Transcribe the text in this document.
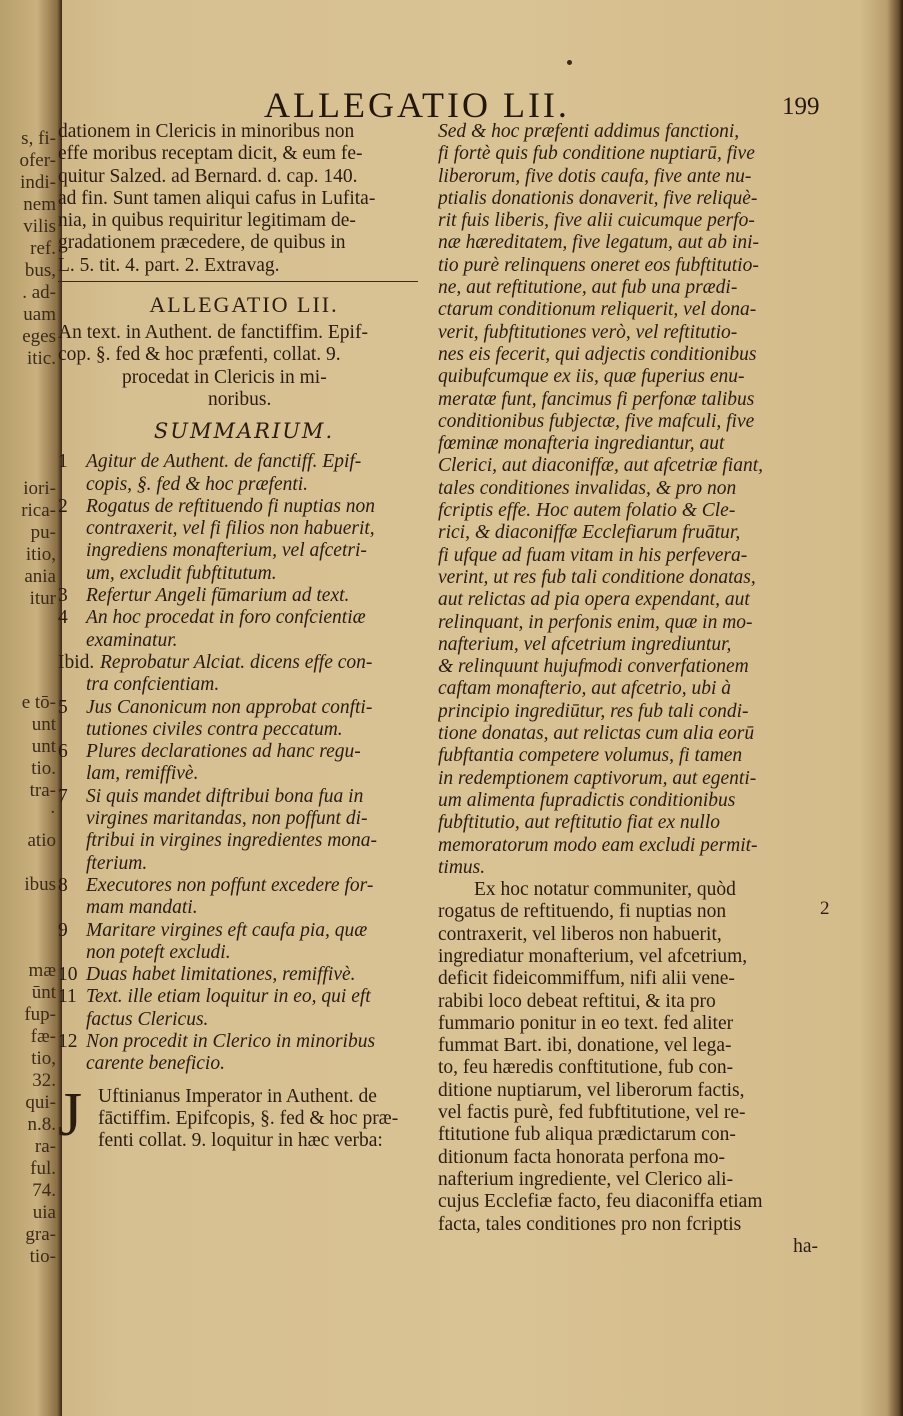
s, fi-
ofer-
indi-
nem
vilis
ref.
bus,
. ad-
uam
eges
itic.
iori-
rica-
pu-
itio,
ania
itur
e tō-
unt
unt
tio.
tra-
·
atio
ibus
mæ
ūnt
fup-
fæ-
tio,
32.
qui-
n.8.
ra-
ful.
74.
uia
gra-
tio-
ALLEGATIO LII.	199
dationem in Clericis in minoribus non
effe moribus receptam dicit, & eum fe-
quitur Salzed. ad Bernard. d. cap. 140.
ad fin. Sunt tamen aliqui cafus in Lufita-
nia, in quibus requiritur legitimam de-
gradationem præcedere, de quibus in
L. 5. tit. 4. part. 2. Extravag.
ALLEGATIO LII.
An text. in Authent. de fanctiffim. Epif-
cop. §. fed & hoc præfenti, collat. 9.
procedat in Clericis in mi-
noribus.
SUMMARIUM.
1 Agitur de Authent. de fanctiff. Epif-
copis, §. fed & hoc præfenti.
2 Rogatus de reftituendo fi nuptias non
contraxerit, vel fi filios non habuerit,
ingrediens monafterium, vel afcetri-
um, excludit fubftitutum.
3 Refertur Angeli fūmarium ad text.
4 An hoc procedat in foro confcientiæ
examinatur.
Ibid. Reprobatur Alciat. dicens effe con-
tra confcientiam.
5 Jus Canonicum non approbat confti-
tutiones civiles contra peccatum.
6 Plures declarationes ad hanc regu-
lam, remiffivè.
7 Si quis mandet diftribui bona fua in
virgines maritandas, non poffunt di-
ftribui in virgines ingredientes mona-
fterium.
8 Executores non poffunt excedere for-
mam mandati.
9 Maritare virgines eft caufa pia, quæ
non poteft excludi.
10 Duas habet limitationes, remiffivè.
11 Text. ille etiam loquitur in eo, qui eft
factus Clericus.
12 Non procedit in Clerico in minoribus
carente beneficio.
J Uftinianus Imperator in Authent. de
fāctiffim. Epifcopis, §. fed & hoc præ-
fenti collat. 9. loquitur in hæc verba:
Sed & hoc præfenti addimus fanctioni,
fi fortè quis fub conditione nuptiarū, five
liberorum, five dotis caufa, five ante nu-
ptialis donationis donaverit, five reliquè-
rit fuis liberis, five alii cuicumque perfo-
næ hæreditatem, five legatum, aut ab ini-
tio purè relinquens oneret eos fubftitutio-
ne, aut reftitutione, aut fub una prædi-
ctarum conditionum reliquerit, vel dona-
verit, fubftitutiones verò, vel reftitutio-
nes eis fecerit, qui adjectis conditionibus
quibufcumque ex iis, quæ fuperius enu-
meratæ funt, fancimus fi perfonæ talibus
conditionibus fubjectæ, five mafculi, five
fœminæ monafteria ingrediantur, aut
Clerici, aut diaconiffæ, aut afcetriæ fiant,
tales conditiones invalidas, & pro non
fcriptis effe. Hoc autem folatio & Cle-
rici, & diaconiffæ Ecclefiarum fruātur,
fi ufque ad fuam vitam in his perfevera-
verint, ut res fub tali conditione donatas,
aut relictas ad pia opera expendant, aut
relinquant, in perfonis enim, quæ in mo-
nafterium, vel afcetrium ingrediuntur,
& relinquunt hujufmodi converfationem
caftam monafterio, aut afcetrio, ubi à
principio ingrediūtur, res fub tali condi-
tione donatas, aut relictas cum alia eorū
fubftantia competere volumus, fi tamen
in redemptionem captivorum, aut egenti-
um alimenta fupradictis conditionibus
fubftitutio, aut reftitutio fiat ex nullo
memoratorum modo eam excludi permit-
timus.
Ex hoc notatur communiter, quòd
rogatus de reftituendo, fi nuptias non
contraxerit, vel liberos non habuerit,
ingrediatur monafterium, vel afcetrium,
deficit fideicommiffum, nifi alii vene-
rabibi loco debeat reftitui, & ita pro
fummario ponitur in eo text. fed aliter
fummat Bart. ibi, donatione, vel lega-
to, feu hæredis conftitutione, fub con-
ditione nuptiarum, vel liberorum factis,
vel factis purè, fed fubftitutione, vel re-
ftitutione fub aliqua prædictarum con-
ditionum facta honorata perfona mo-
nafterium ingrediente, vel Clerico ali-
cujus Ecclefiæ facto, feu diaconiffa etiam
facta, tales conditiones pro non fcriptis
ha-
2
